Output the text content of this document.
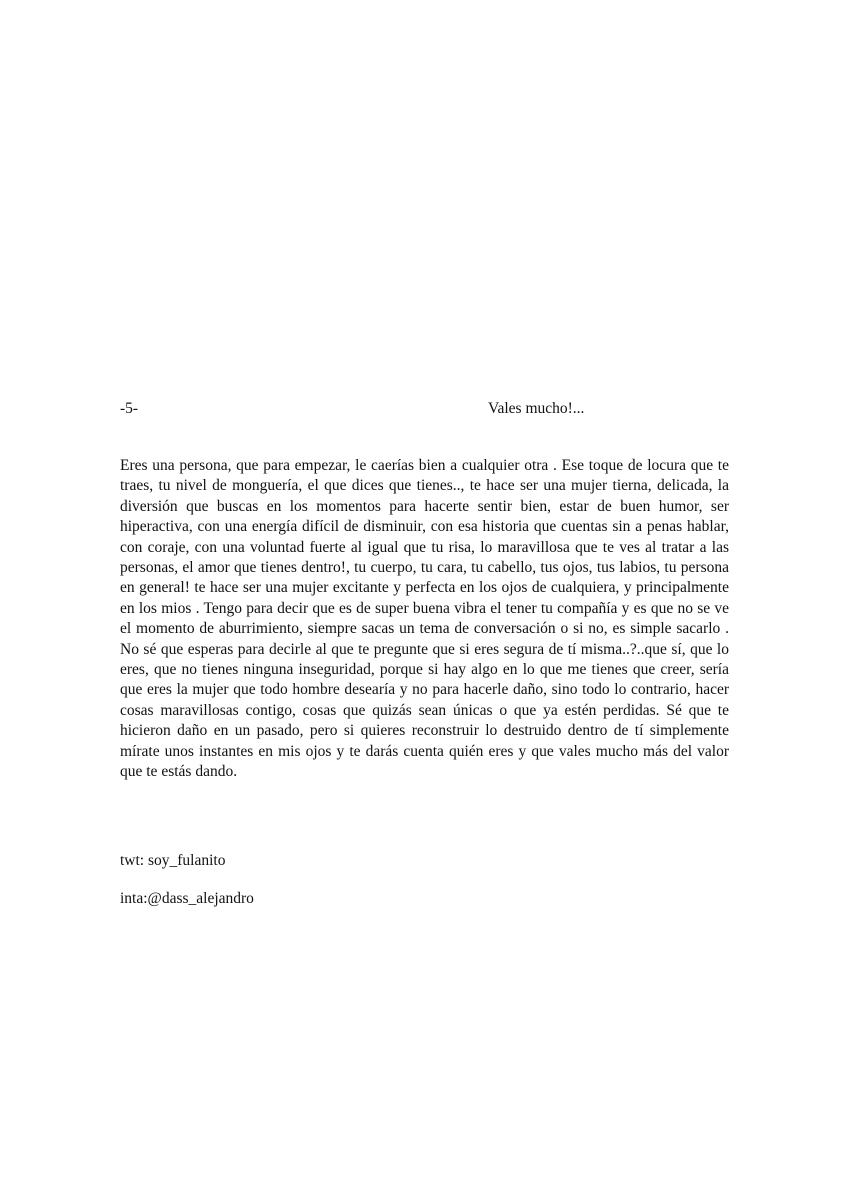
-5-	Vales mucho!...

Eres una persona, que para empezar, le caerías bien a cualquier otra . Ese toque de locura que te traes, tu nivel de monguería, el que dices que tienes.., te hace ser una mujer tierna, delicada, la diversión que buscas en los momentos para hacerte sentir bien, estar de buen humor, ser hiperactiva, con una energía difícil de disminuir, con esa historia que cuentas sin a penas hablar, con coraje, con una voluntad fuerte al igual que tu risa, lo maravillosa que te ves al tratar a las personas, el amor que tienes dentro!, tu cuerpo, tu cara, tu cabello, tus ojos, tus labios, tu persona en general! te hace ser una mujer excitante y perfecta en los ojos de cualquiera, y principalmente en los mios . Tengo para decir que es de super buena vibra el tener tu compañía y es que no se ve el momento de aburrimiento, siempre sacas un tema de conversación o si no, es simple sacarlo . No sé que esperas para decirle al que te pregunte que si eres segura de tí misma..?..que sí, que lo eres, que no tienes ninguna inseguridad, porque si hay algo en lo que me tienes que creer, sería que eres la mujer que todo hombre desearía y no para hacerle daño, sino todo lo contrario, hacer cosas maravillosas contigo, cosas que quizás sean únicas o que ya estén perdidas. Sé que te hicieron daño en un pasado, pero si quieres reconstruir lo destruido dentro de tí simplemente mírate unos instantes en mis ojos y te darás cuenta quién eres y que vales mucho más del valor que te estás dando.

twt: soy_fulanito
inta:@dass_alejandro
